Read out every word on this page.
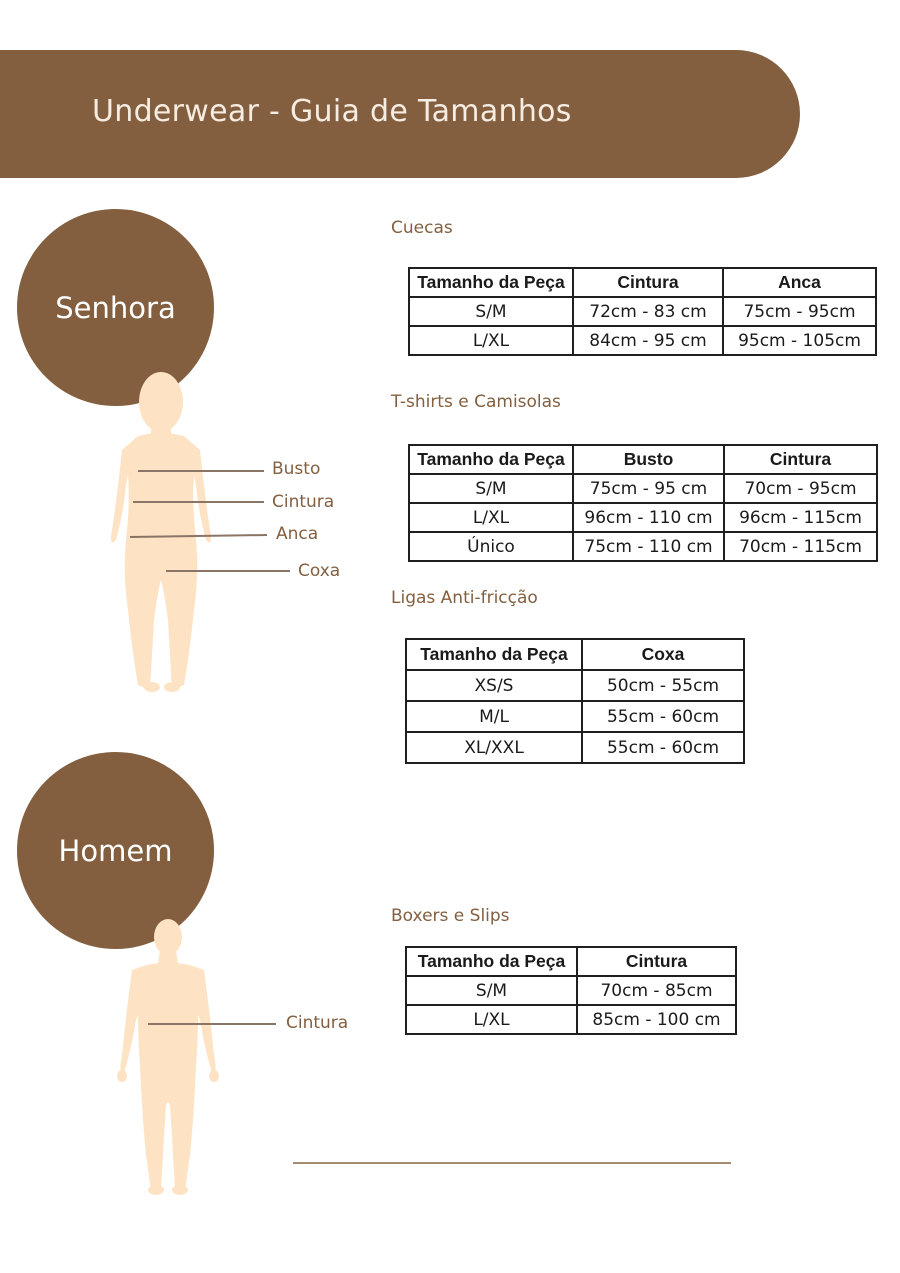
Underwear - Guia de Tamanhos
Senhora
Busto
Cintura
Anca
Coxa
Homem
Cintura
Cuecas
Tamanho da Peça	Cintura	Anca
S/M	72cm - 83 cm	75cm - 95cm
L/XL	84cm - 95 cm	95cm - 105cm
T-shirts e Camisolas
Tamanho da Peça	Busto	Cintura
S/M	75cm - 95 cm	70cm - 95cm
L/XL	96cm - 110 cm	96cm - 115cm
Único	75cm - 110 cm	70cm - 115cm
Ligas Anti-fricção
Tamanho da Peça	Coxa
XS/S	50cm - 55cm
M/L	55cm - 60cm
XL/XXL	55cm - 60cm
Boxers e Slips
Tamanho da Peça	Cintura
S/M	70cm - 85cm
L/XL	85cm - 100 cm
